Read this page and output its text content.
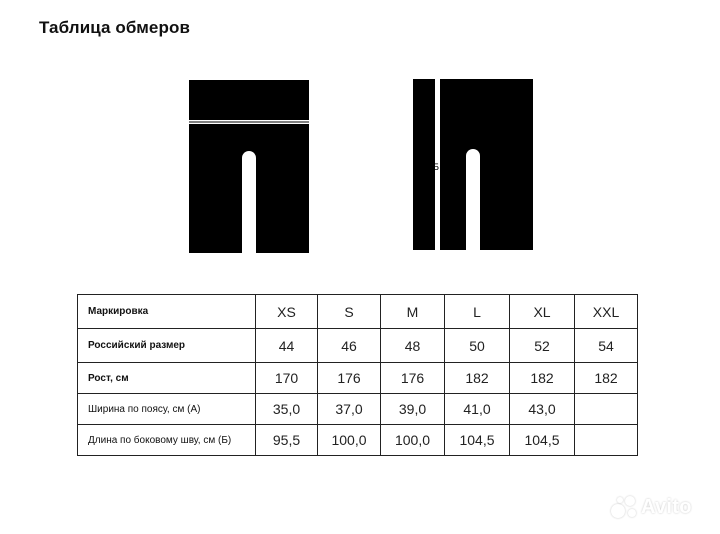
Таблица обмеров
А
Б
Маркировка	XS	S	M	L	XL	XXL
Российский размер	44	46	48	50	52	54
Рост, см	170	176	176	182	182	182
Ширина по поясу, см (А)	35,0	37,0	39,0	41,0	43,0	
Длина по боковому шву, см (Б)	95,5	100,0	100,0	104,5	104,5	
Avito
